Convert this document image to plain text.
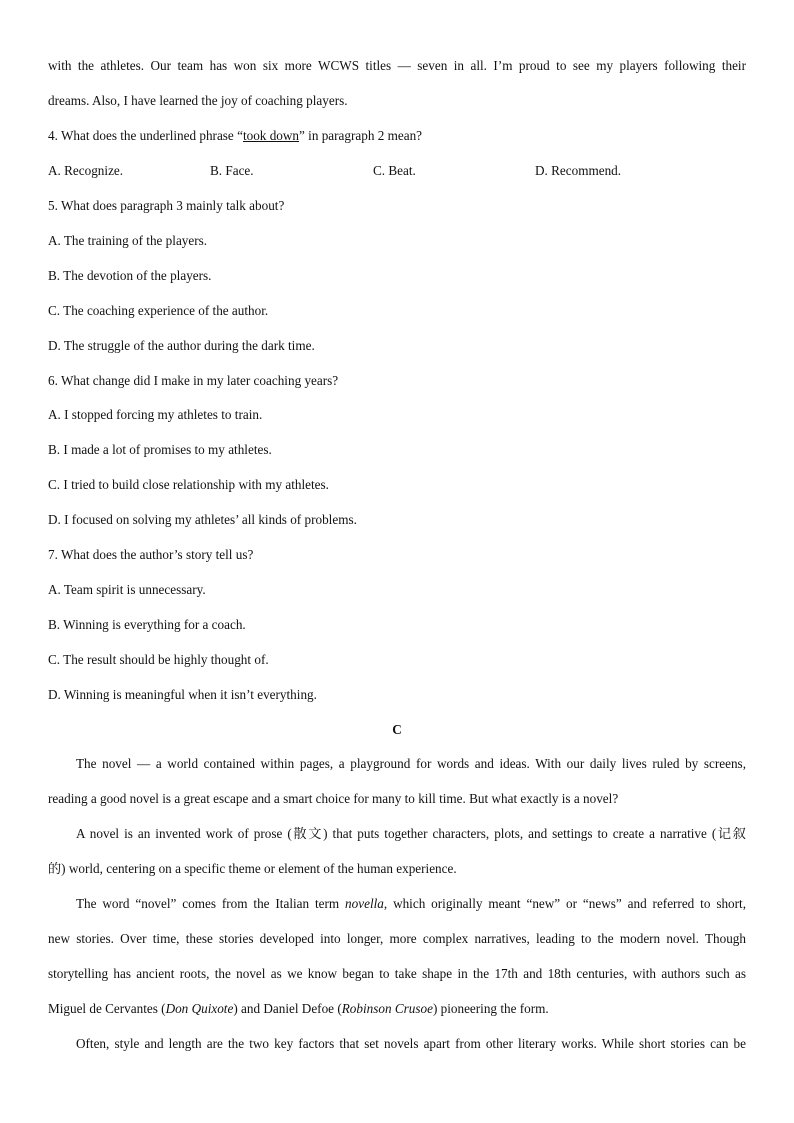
with the athletes. Our team has won six more WCWS titles — seven in all. I’m proud to see my players following their
dreams. Also, I have learned the joy of coaching players.
4. What does the underlined phrase “took down” in paragraph 2 mean?
A. Recognize.	B. Face.	C. Beat.	D. Recommend.
5. What does paragraph 3 mainly talk about?
A. The training of the players.
B. The devotion of the players.
C. The coaching experience of the author.
D. The struggle of the author during the dark time.
6. What change did I make in my later coaching years?
A. I stopped forcing my athletes to train.
B. I made a lot of promises to my athletes.
C. I tried to build close relationship with my athletes.
D. I focused on solving my athletes’ all kinds of problems.
7. What does the author’s story tell us?
A. Team spirit is unnecessary.
B. Winning is everything for a coach.
C. The result should be highly thought of.
D. Winning is meaningful when it isn’t everything.
C
The novel — a world contained within pages, a playground for words and ideas. With our daily lives ruled by screens,
reading a good novel is a great escape and a smart choice for many to kill time. But what exactly is a novel?
A novel is an invented work of prose (散文) that puts together characters, plots, and settings to create a narrative (记叙
的) world, centering on a specific theme or element of the human experience.
The word “novel” comes from the Italian term novella, which originally meant “new” or “news” and referred to short,
new stories. Over time, these stories developed into longer, more complex narratives, leading to the modern novel. Though
storytelling has ancient roots, the novel as we know began to take shape in the 17th and 18th centuries, with authors such as
Miguel de Cervantes (Don Quixote) and Daniel Defoe (Robinson Crusoe) pioneering the form.
Often, style and length are the two key factors that set novels apart from other literary works. While short stories can be
